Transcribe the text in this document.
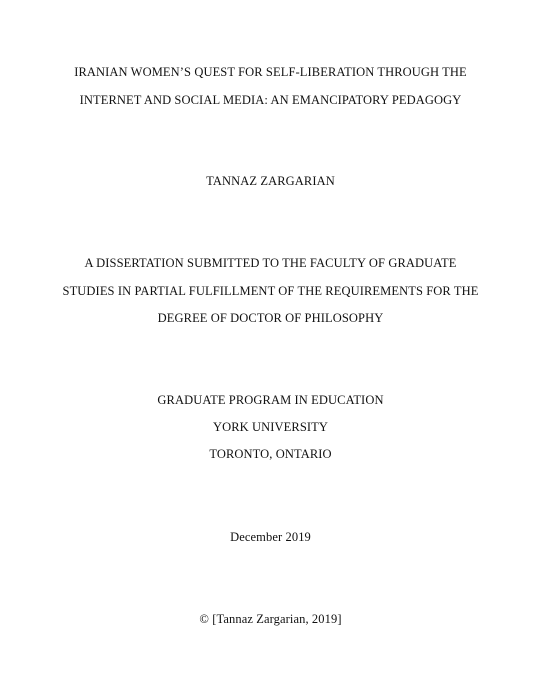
IRANIAN WOMEN’S QUEST FOR SELF-LIBERATION THROUGH THE
INTERNET AND SOCIAL MEDIA: AN EMANCIPATORY PEDAGOGY
TANNAZ ZARGARIAN
A DISSERTATION SUBMITTED TO THE FACULTY OF GRADUATE
STUDIES IN PARTIAL FULFILLMENT OF THE REQUIREMENTS FOR THE
DEGREE OF DOCTOR OF PHILOSOPHY
GRADUATE PROGRAM IN EDUCATION
YORK UNIVERSITY
TORONTO, ONTARIO
December 2019
© [Tannaz Zargarian, 2019]
